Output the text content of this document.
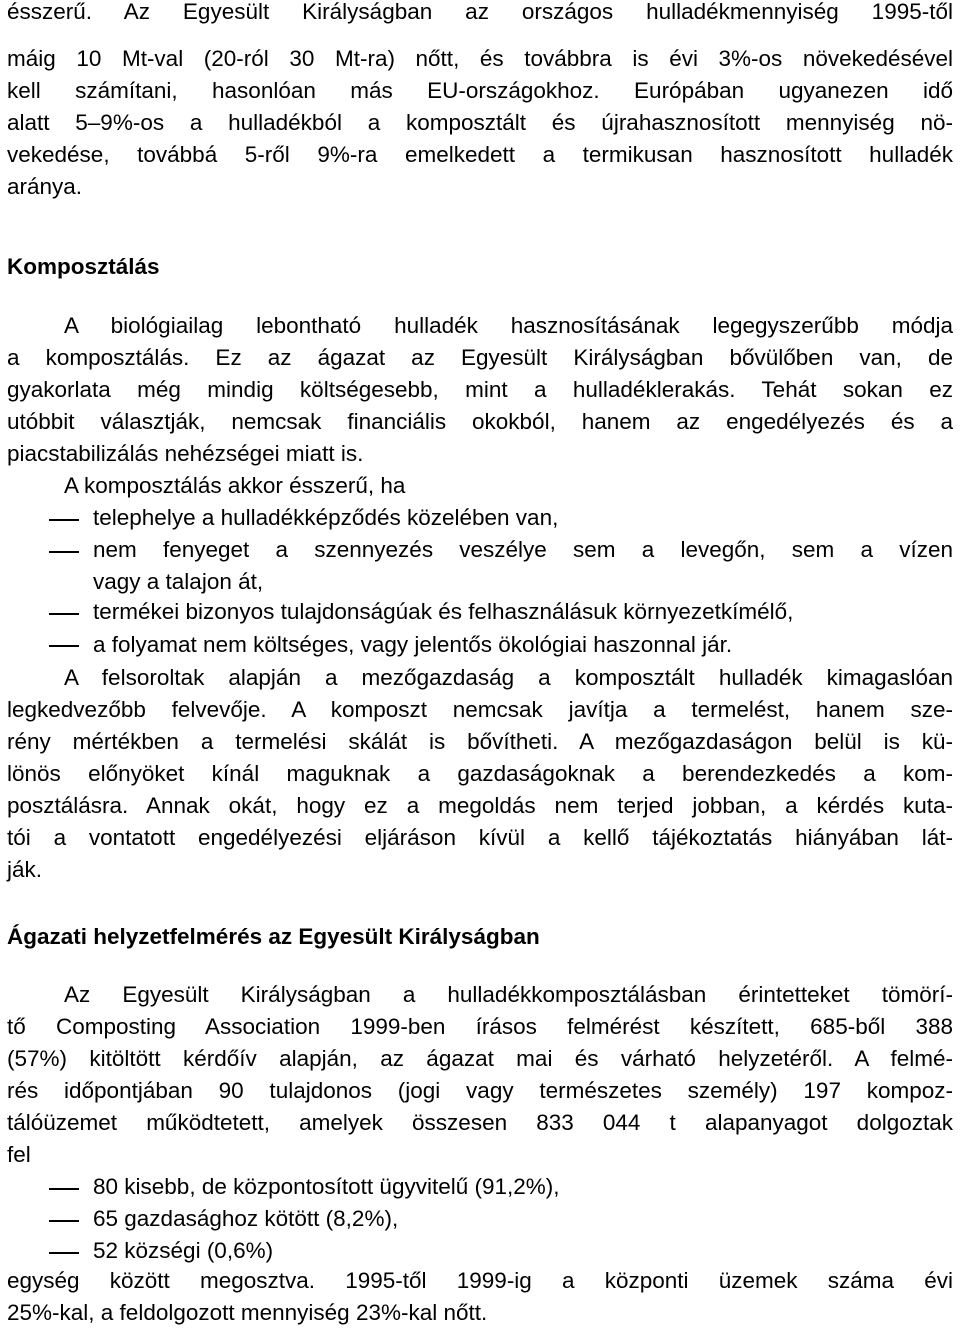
ésszerű. Az Egyesült Királyságban az országos hulladékmennyiség 1995-től
máig 10 Mt-val (20-ról 30 Mt-ra) nőtt, és továbbra is évi 3%-os növekedésével
kell számítani, hasonlóan más EU-országokhoz. Európában ugyanezen idő
alatt 5–9%-os a hulladékból a komposztált és újrahasznosított mennyiség nö-
vekedése, továbbá 5-ről 9%-ra emelkedett a termikusan hasznosított hulladék
aránya.
Komposztálás
A biológiailag lebontható hulladék hasznosításának legegyszerűbb módja
a komposztálás. Ez az ágazat az Egyesült Királyságban bővülőben van, de
gyakorlata még mindig költségesebb, mint a hulladéklerakás. Tehát sokan ez
utóbbit választják, nemcsak financiális okokból, hanem az engedélyezés és a
piacstabilizálás nehézségei miatt is.
A komposztálás akkor ésszerű, ha
telephelye a hulladékképződés közelében van,
nem fenyeget a szennyezés veszélye sem a levegőn, sem a vízen
vagy a talajon át,
termékei bizonyos tulajdonságúak és felhasználásuk környezetkímélő,
a folyamat nem költséges, vagy jelentős ökológiai haszonnal jár.
A felsoroltak alapján a mezőgazdaság a komposztált hulladék kimagaslóan
legkedvezőbb felvevője. A komposzt nemcsak javítja a termelést, hanem sze-
rény mértékben a termelési skálát is bővítheti. A mezőgazdaságon belül is kü-
lönös előnyöket kínál maguknak a gazdaságoknak a berendezkedés a kom-
posztálásra. Annak okát, hogy ez a megoldás nem terjed jobban, a kérdés kuta-
tói a vontatott engedélyezési eljáráson kívül a kellő tájékoztatás hiányában lát-
ják.
Ágazati helyzetfelmérés az Egyesült Királyságban
Az Egyesült Királyságban a hulladékkomposztálásban érintetteket tömörí-
tő Composting Association 1999-ben írásos felmérést készített, 685-ből 388
(57%) kitöltött kérdőív alapján, az ágazat mai és várható helyzetéről. A felmé-
rés időpontjában 90 tulajdonos (jogi vagy természetes személy) 197 kompoz-
tálóüzemet működtetett, amelyek összesen 833 044 t alapanyagot dolgoztak
fel
80 kisebb, de központosított ügyvitelű (91,2%),
65 gazdasághoz kötött (8,2%),
52 községi (0,6%)
egység között megosztva. 1995-től 1999-ig a központi üzemek száma évi
25%-kal, a feldolgozott mennyiség 23%-kal nőtt.
